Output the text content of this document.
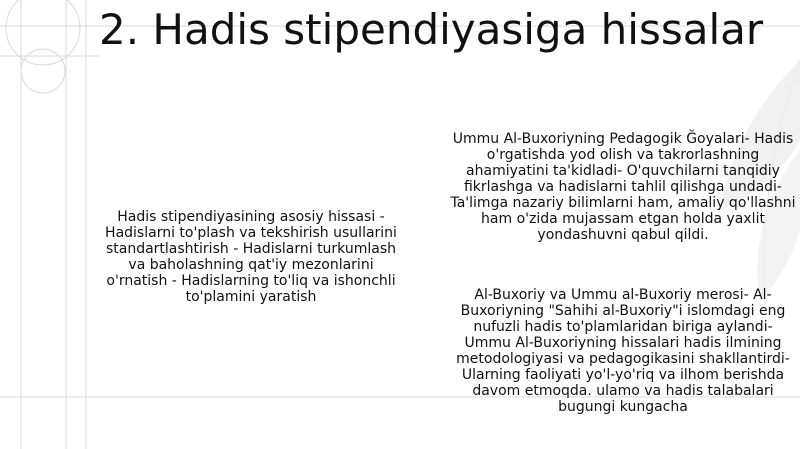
2. Hadis stipendiyasiga hissalar
Hadis stipendiyasining asosiy hissasi - Hadislarni to'plash va tekshirish usullarini standartlashtirish - Hadislarni turkumlash va baholashning qat'iy mezonlarini o'rnatish - Hadislarning to'liq va ishonchli to'plamini yaratish
Ummu Al-Buxoriyning Pedagogik Ğoyalari- Hadis o'rgatishda yod olish va takrorlashning ahamiyatini ta'kidladi- O'quvchilarni tanqidiy fikrlashga va hadislarni tahlil qilishga undadi- Ta'limga nazariy bilimlarni ham, amaliy qo'llashni ham o'zida mujassam etgan holda yaxlit yondashuvni qabul qildi.
Al-Buxoriy va Ummu al-Buxoriy merosi- Al-Buxoriyning "Sahihi al-Buxoriy"i islomdagi eng nufuzli hadis to'plamlaridan biriga aylandi- Ummu Al-Buxoriyning hissalari hadis ilmining metodologiyasi va pedagogikasini shakllantirdi- Ularning faoliyati yo'l-yo'riq va ilhom berishda davom etmoqda. ulamo va hadis talabalari bugungi kungacha
